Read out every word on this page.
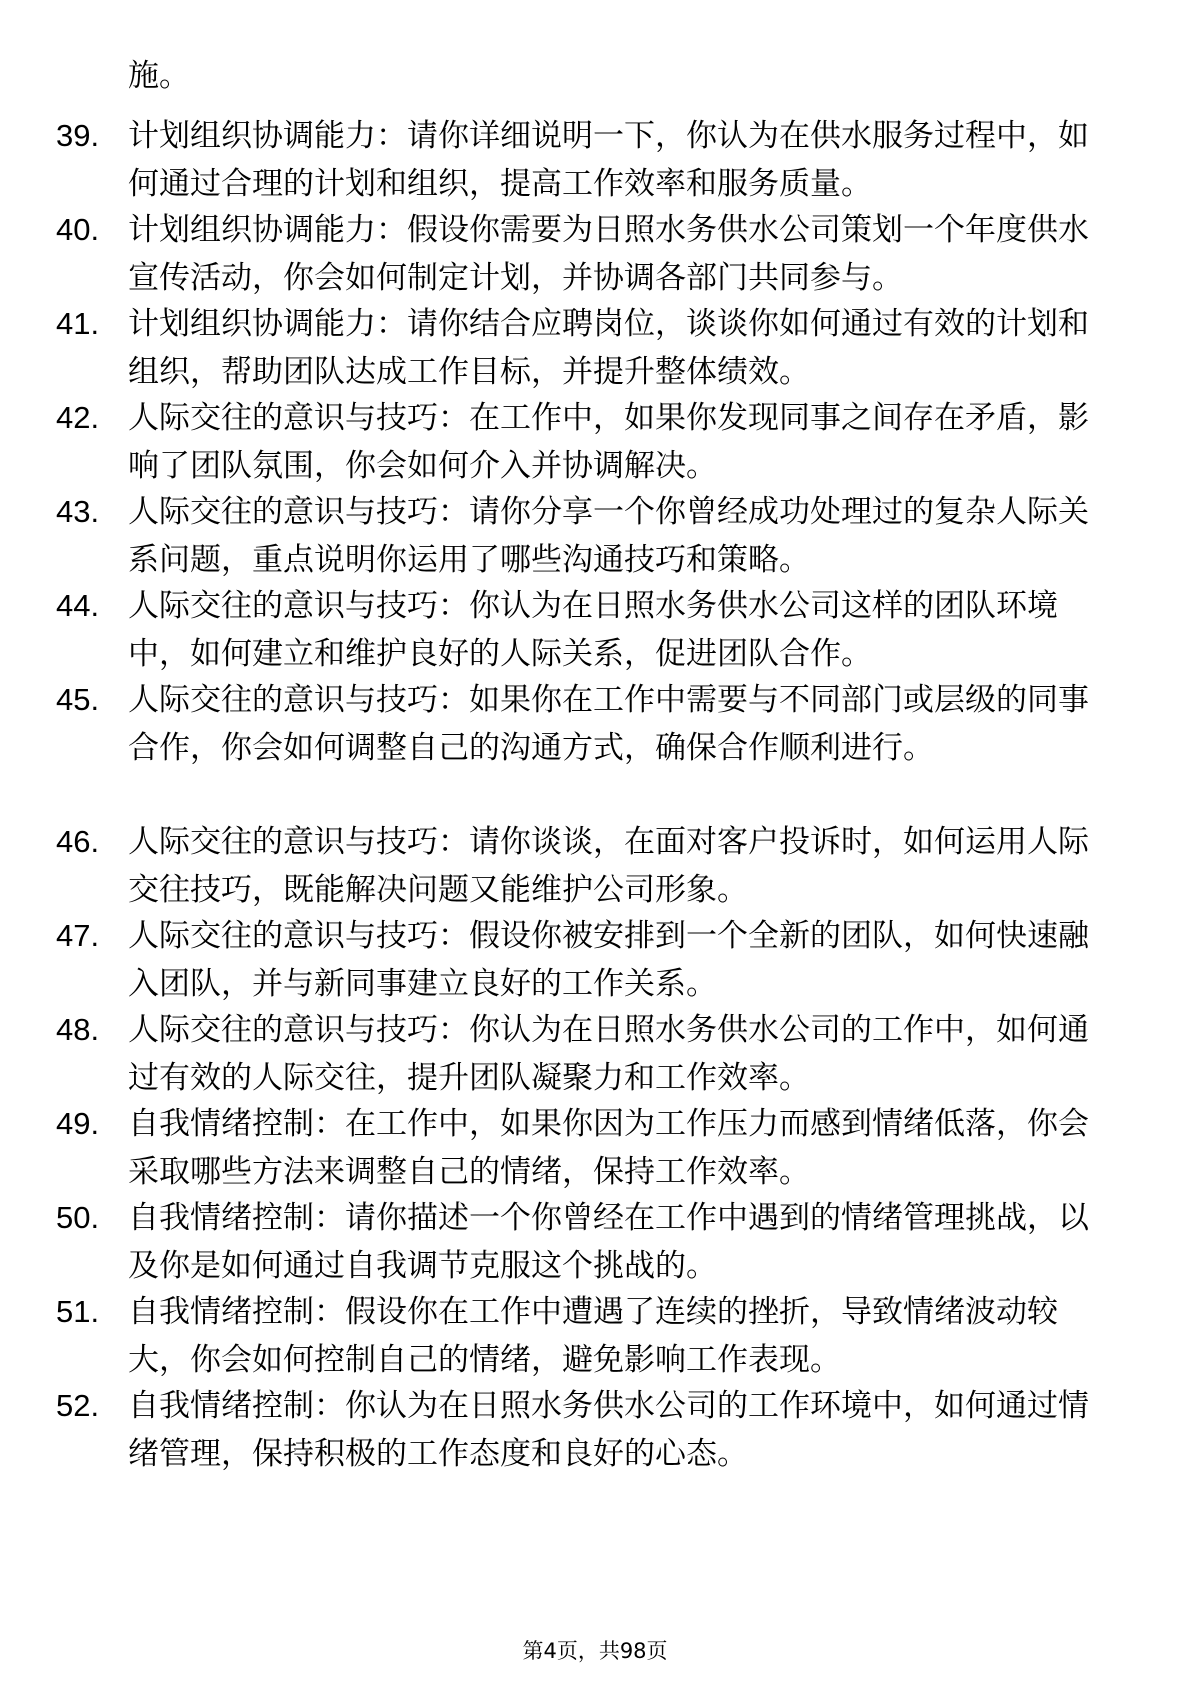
施。

39. 计划组织协调能力：请你详细说明一下，你认为在供水服务过程中，如何通过合理的计划和组织，提高工作效率和服务质量。

40. 计划组织协调能力：假设你需要为日照水务供水公司策划一个年度供水宣传活动，你会如何制定计划，并协调各部门共同参与。

41. 计划组织协调能力：请你结合应聘岗位，谈谈你如何通过有效的计划和组织，帮助团队达成工作目标，并提升整体绩效。

42. 人际交往的意识与技巧：在工作中，如果你发现同事之间存在矛盾，影响了团队氛围，你会如何介入并协调解决。

43. 人际交往的意识与技巧：请你分享一个你曾经成功处理过的复杂人际关系问题，重点说明你运用了哪些沟通技巧和策略。

44. 人际交往的意识与技巧：你认为在日照水务供水公司这样的团队环境中，如何建立和维护良好的人际关系，促进团队合作。

45. 人际交往的意识与技巧：如果你在工作中需要与不同部门或层级的同事合作，你会如何调整自己的沟通方式，确保合作顺利进行。

46. 人际交往的意识与技巧：请你谈谈，在面对客户投诉时，如何运用人际交往技巧，既能解决问题又能维护公司形象。

47. 人际交往的意识与技巧：假设你被安排到一个全新的团队，如何快速融入团队，并与新同事建立良好的工作关系。

48. 人际交往的意识与技巧：你认为在日照水务供水公司的工作中，如何通过有效的人际交往，提升团队凝聚力和工作效率。

49. 自我情绪控制：在工作中，如果你因为工作压力而感到情绪低落，你会采取哪些方法来调整自己的情绪，保持工作效率。

50. 自我情绪控制：请你描述一个你曾经在工作中遇到的情绪管理挑战，以及你是如何通过自我调节克服这个挑战的。

51. 自我情绪控制：假设你在工作中遭遇了连续的挫折，导致情绪波动较大，你会如何控制自己的情绪，避免影响工作表现。

52. 自我情绪控制：你认为在日照水务供水公司的工作环境中，如何通过情绪管理，保持积极的工作态度和良好的心态。

第4页，共98页
